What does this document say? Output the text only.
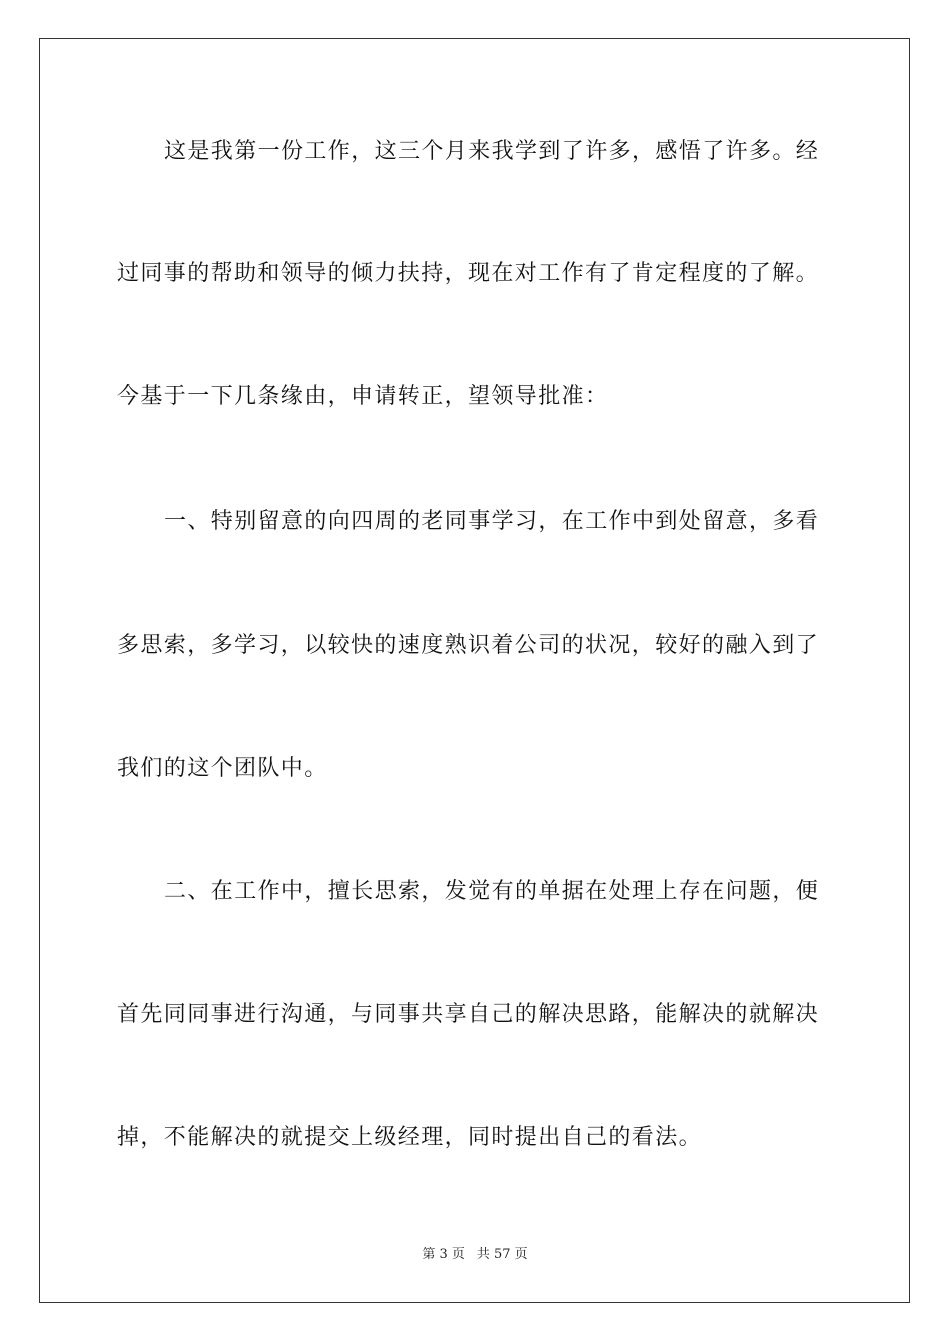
这是我第一份工作，这三个月来我学到了许多，感悟了许多。经
过同事的帮助和领导的倾力扶持，现在对工作有了肯定程度的了解。
今基于一下几条缘由，申请转正，望领导批准：
一、特别留意的向四周的老同事学习，在工作中到处留意，多看
多思索，多学习，以较快的速度熟识着公司的状况，较好的融入到了
我们的这个团队中。
二、在工作中，擅长思索，发觉有的单据在处理上存在问题，便
首先同同事进行沟通，与同事共享自己的解决思路，能解决的就解决
掉，不能解决的就提交上级经理，同时提出自己的看法。
第 3 页 共 57 页
